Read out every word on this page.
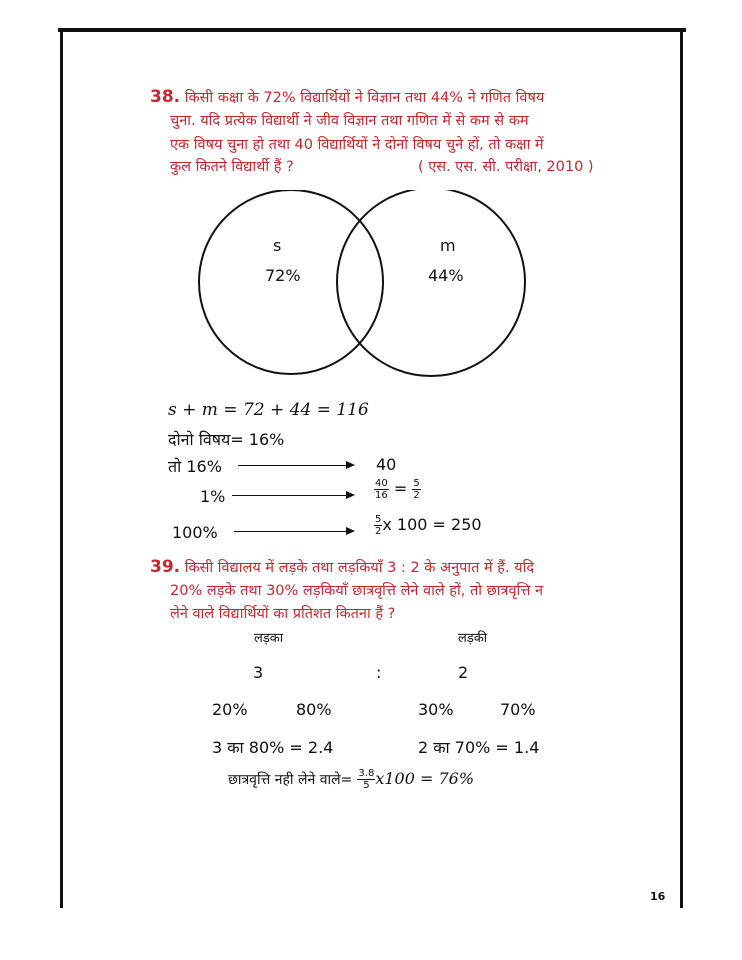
38. किसी कक्षा के 72% विद्यार्थियों ने विज्ञान तथा 44% ने गणित विषय
चुना. यदि प्रत्येक विद्यार्थी ने जीव विज्ञान तथा गणित में से कम से कम
एक विषय चुना हो तथा 40 विद्यार्थियों ने दोनों विषय चुने हों, तो कक्षा में
कुल कितने विद्यार्थी हैं ?	( एस. एस. सी. परीक्षा, 2010 )
s
72%
m
44%
s + m = 72 + 44 = 116
दोनो विषय= 16%
तो 16%	40
1%	$\frac{40}{16} = \frac{5}{2}$
100%	$\frac{5}{2}$ x 100 = 250
39. किसी विद्यालय में लड़के तथा लड़कियाँ 3 : 2 के अनुपात में हैं. यदि
20% लड़के तथा 30% लड़कियाँ छात्रवृत्ति लेने वाले हों, तो छात्रवृत्ति न
लेने वाले विद्यार्थियों का प्रतिशत कितना हैं ?
लड़का	लड़की
3	:	2
20%	80%	30%	70%
3 का 80% = 2.4	2 का 70% = 1.4
छात्रवृत्ति नही लेने वाले= $\frac{3.8}{5} x100 = 76\%$
16
